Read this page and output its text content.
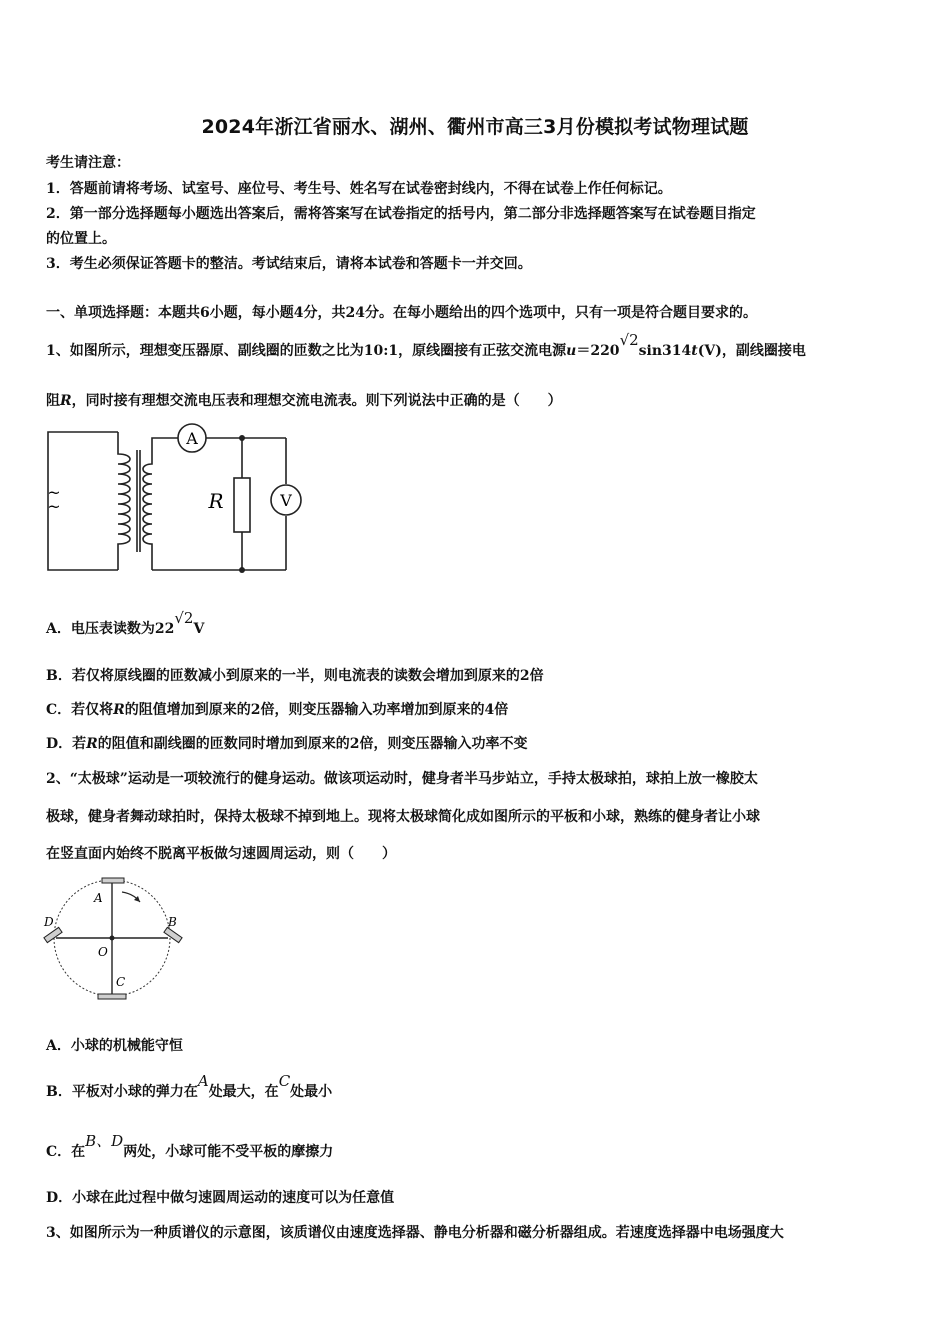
2024年浙江省丽水、湖州、衢州市高三3月份模拟考试物理试题
考生请注意：
1．答题前请将考场、试室号、座位号、考生号、姓名写在试卷密封线内，不得在试卷上作任何标记。
2．第一部分选择题每小题选出答案后，需将答案写在试卷指定的括号内，第二部分非选择题答案写在试卷题目指定
的位置上。
3．考生必须保证答题卡的整洁。考试结束后，请将本试卷和答题卡一并交回。
一、单项选择题：本题共6小题，每小题4分，共24分。在每小题给出的四个选项中，只有一项是符合题目要求的。
1、如图所示，理想变压器原、副线圈的匝数之比为10:1，原线圈接有正弦交流电源u＝220√2sin314t(V)，副线圈接电
阻R，同时接有理想交流电压表和理想交流电流表。则下列说法中正确的是（　　）
A
V
R
~
~
A．电压表读数为22√2V
B．若仅将原线圈的匝数减小到原来的一半，则电流表的读数会增加到原来的2倍
C．若仅将R的阻值增加到原来的2倍，则变压器输入功率增加到原来的4倍
D．若R的阻值和副线圈的匝数同时增加到原来的2倍，则变压器输入功率不变
2、“太极球”运动是一项较流行的健身运动。做该项运动时，健身者半马步站立，手持太极球拍，球拍上放一橡胶太
极球，健身者舞动球拍时，保持太极球不掉到地上。现将太极球简化成如图所示的平板和小球，熟练的健身者让小球
在竖直面内始终不脱离平板做匀速圆周运动，则（　　）
A
B
C
D
O
A．小球的机械能守恒
B．平板对小球的弹力在A处最大，在C处最小
C．在B、D两处，小球可能不受平板的摩擦力
D．小球在此过程中做匀速圆周运动的速度可以为任意值
3、如图所示为一种质谱仪的示意图，该质谱仪由速度选择器、静电分析器和磁分析器组成。若速度选择器中电场强度大
